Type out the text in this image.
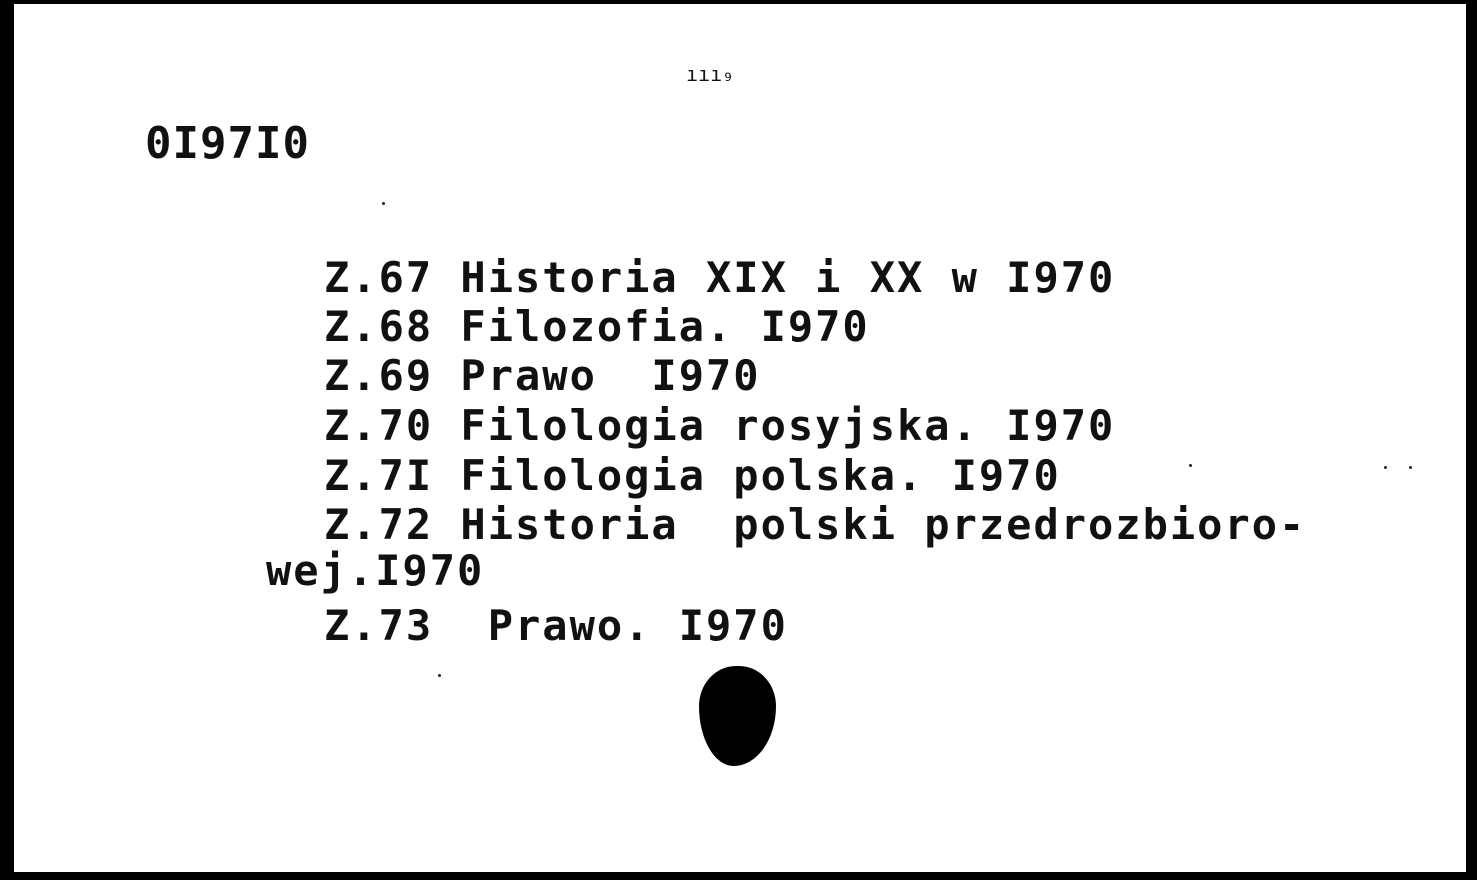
ııı₉
0I97I0

Z.67 Historia XIX i XX w I970

Z.68 Filozofia. I970

Z.69 Prawo  I970

Z.70 Filologia rosyjska. I970

Z.7I Filologia polska. I970

Z.72 Historia  polski przedrozbioro-

wej.I970

Z.73  Prawo. I970
